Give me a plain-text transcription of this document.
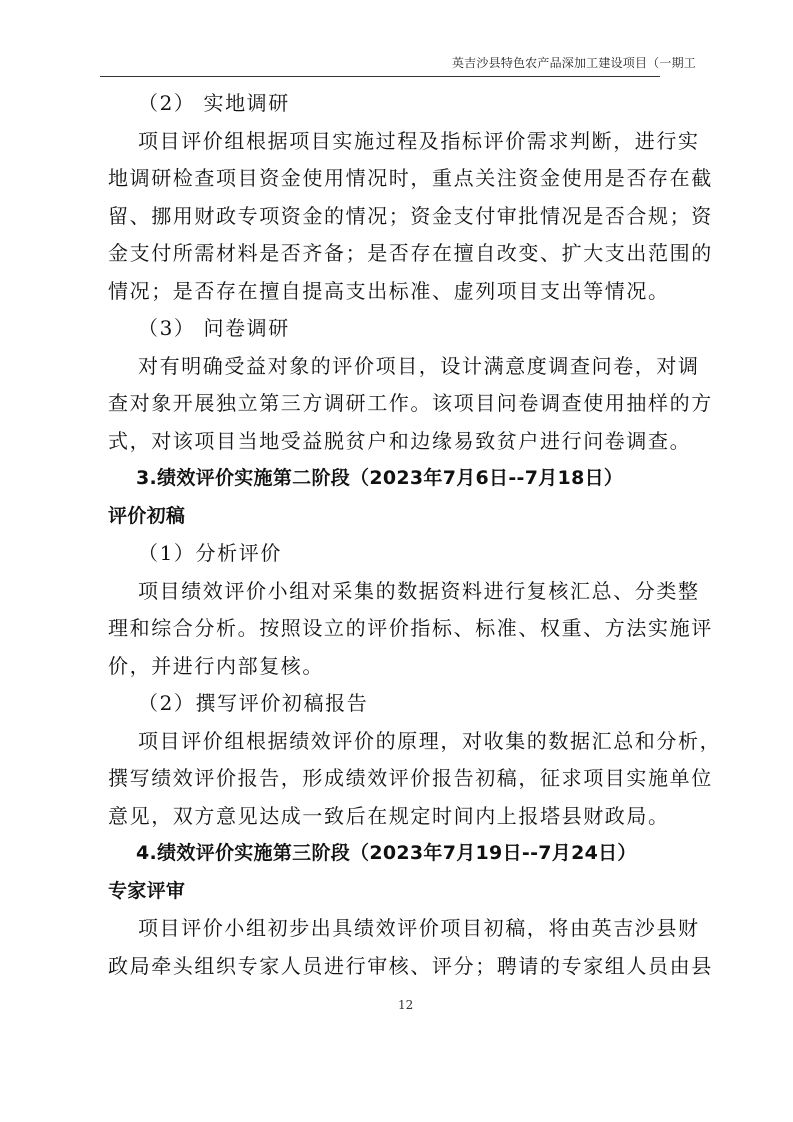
英吉沙县特色农产品深加工建设项目（一期工
（2） 实地调研
项目评价组根据项目实施过程及指标评价需求判断，进行实
地调研检查项目资金使用情况时，重点关注资金使用是否存在截
留、挪用财政专项资金的情况；资金支付审批情况是否合规；资
金支付所需材料是否齐备；是否存在擅自改变、扩大支出范围的
情况；是否存在擅自提高支出标准、虚列项目支出等情况。
（3） 问卷调研
对有明确受益对象的评价项目，设计满意度调查问卷，对调
查对象开展独立第三方调研工作。该项目问卷调查使用抽样的方
式，对该项目当地受益脱贫户和边缘易致贫户进行问卷调查。
3.绩效评价实施第二阶段（2023年7月6日--7月18日）
评价初稿
（1）分析评价
项目绩效评价小组对采集的数据资料进行复核汇总、分类整
理和综合分析。按照设立的评价指标、标准、权重、方法实施评
价，并进行内部复核。
（2）撰写评价初稿报告
项目评价组根据绩效评价的原理，对收集的数据汇总和分析，
撰写绩效评价报告，形成绩效评价报告初稿，征求项目实施单位
意见，双方意见达成一致后在规定时间内上报塔县财政局。
4.绩效评价实施第三阶段（2023年7月19日--7月24日）
专家评审
项目评价小组初步出具绩效评价项目初稿，将由英吉沙县财
政局牵头组织专家人员进行审核、评分；聘请的专家组人员由县
12
